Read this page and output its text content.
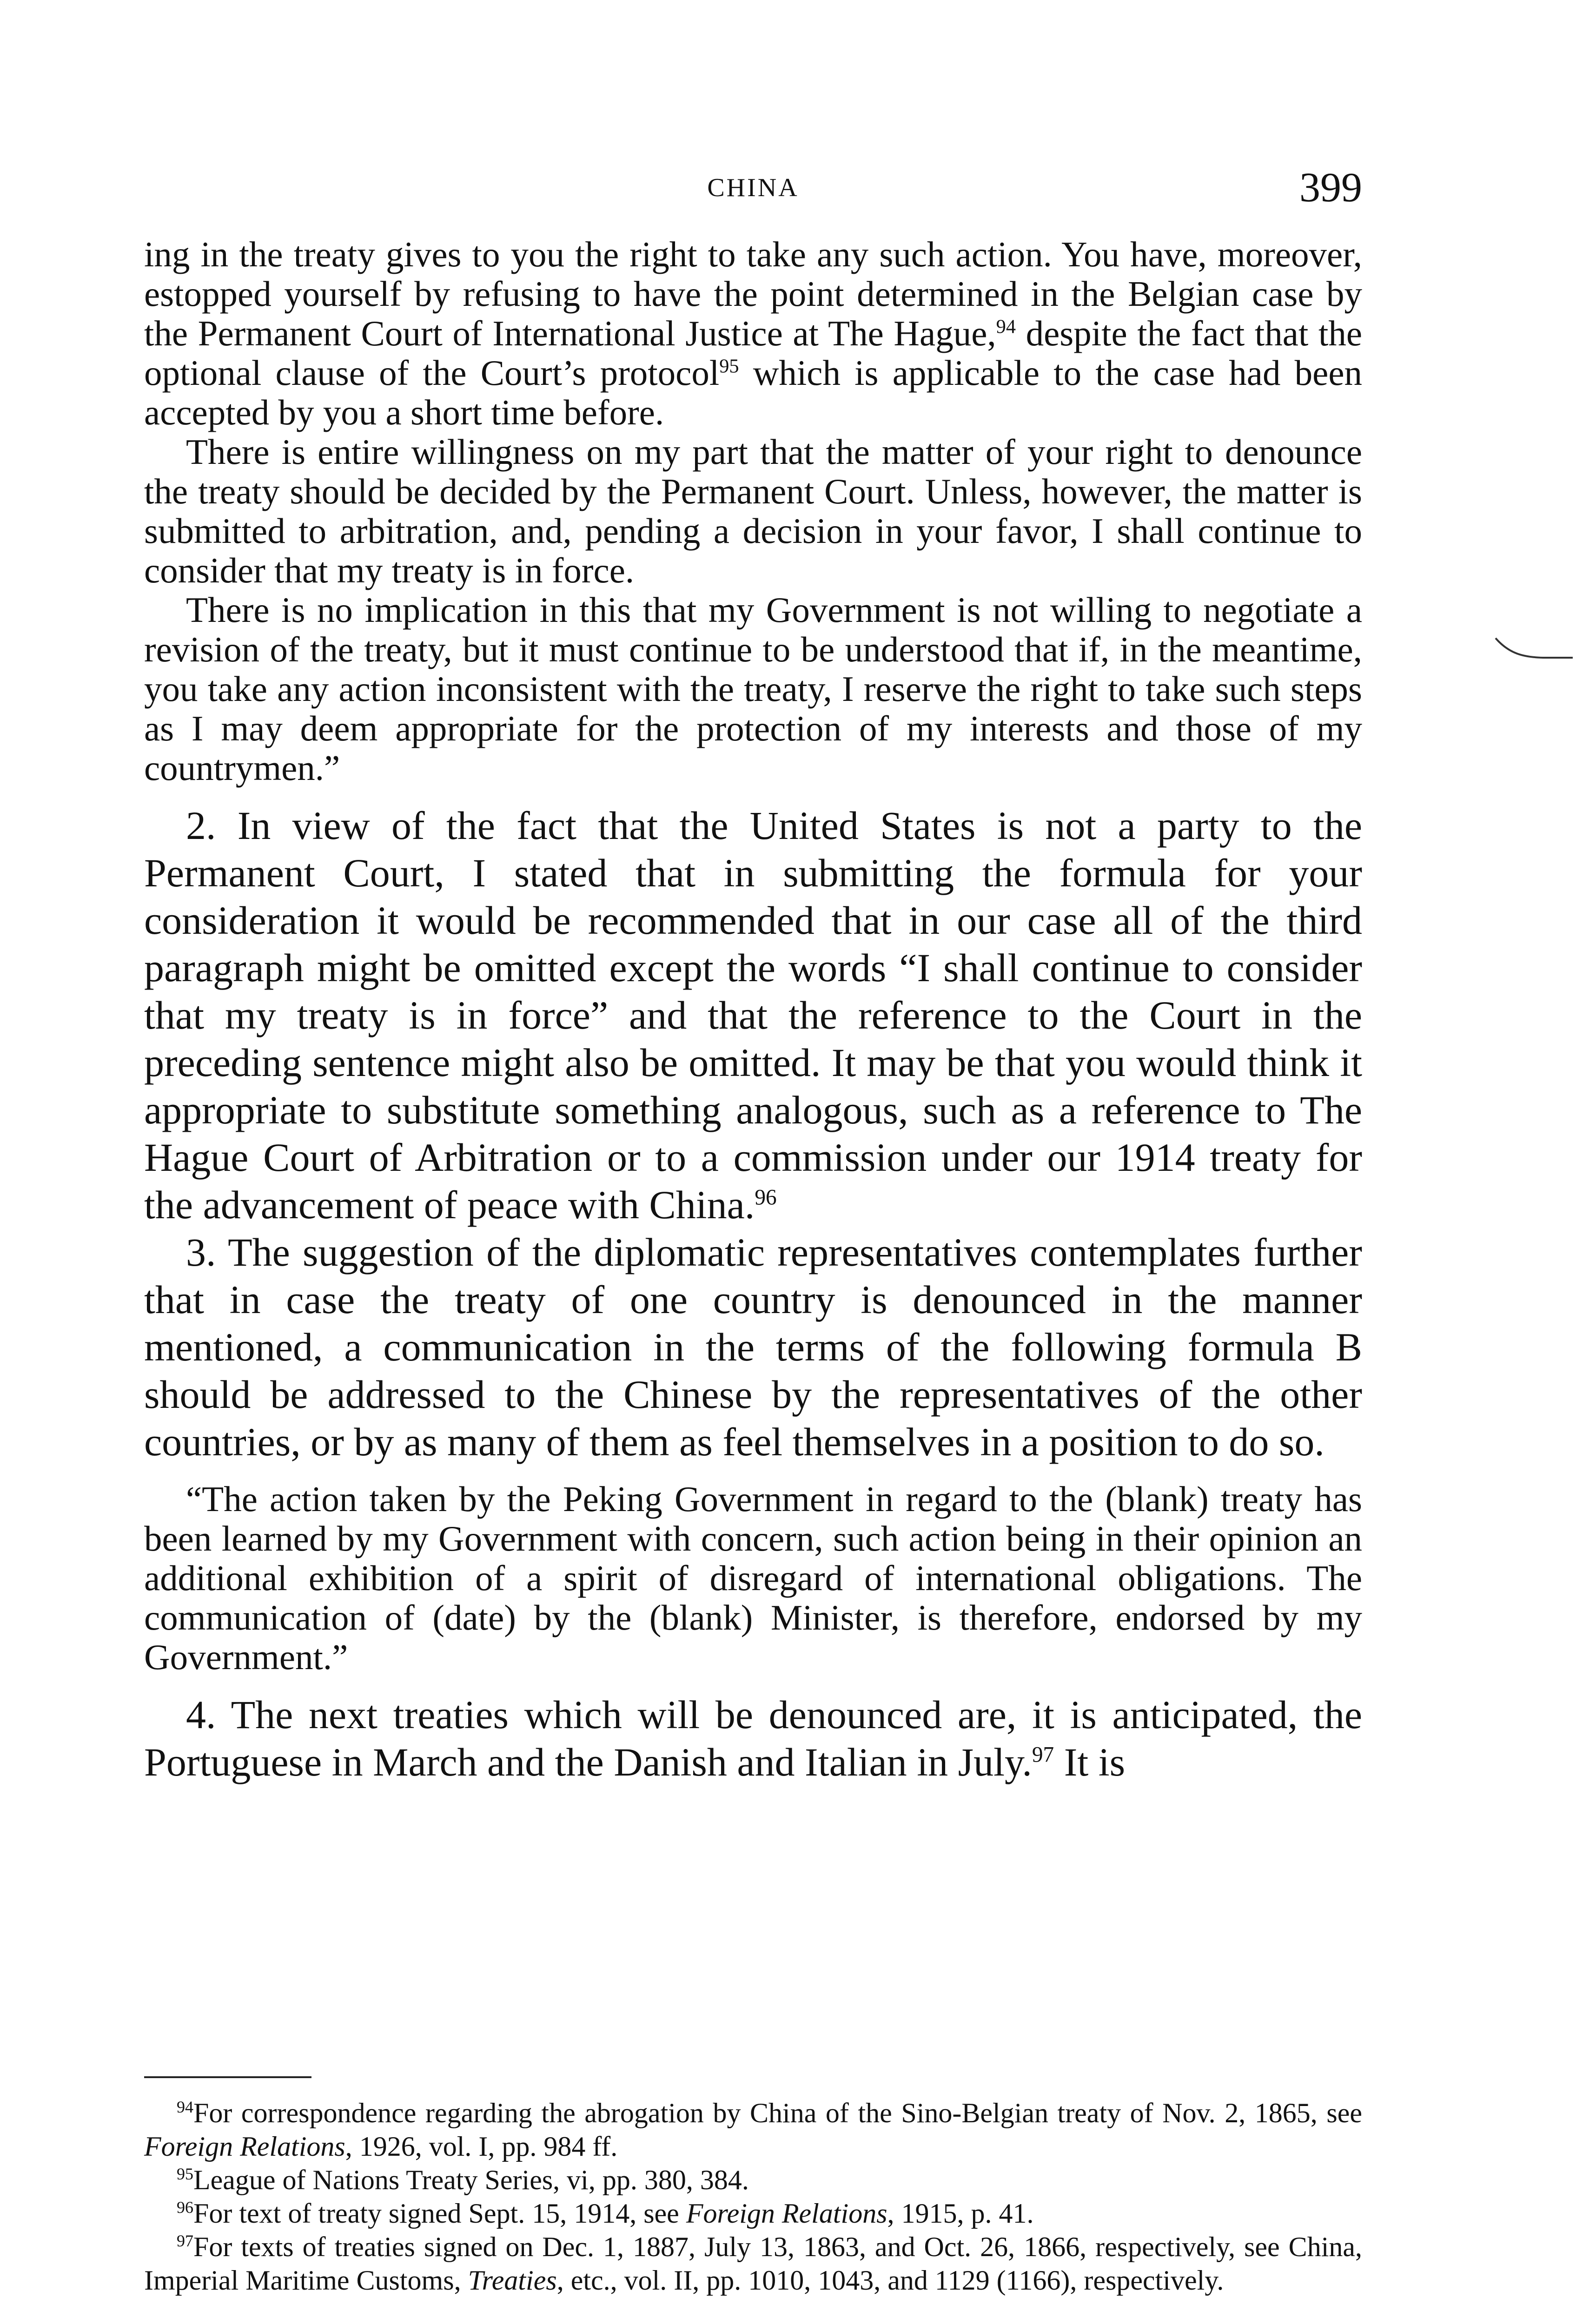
CHINA	399

ing in the treaty gives to you the right to take any such action. You have, moreover, estopped yourself by refusing to have the point determined in the Belgian case by the Permanent Court of International Justice at The Hague,$^{94}$ despite the fact that the optional clause of the Court’s protocol$^{95}$ which is applicable to the case had been accepted by you a short time before.

There is entire willingness on my part that the matter of your right to denounce the treaty should be decided by the Permanent Court. Unless, however, the matter is submitted to arbitration, and, pending a decision in your favor, I shall continue to consider that my treaty is in force.

There is no implication in this that my Government is not willing to negotiate a revision of the treaty, but it must continue to be understood that if, in the meantime, you take any action inconsistent with the treaty, I reserve the right to take such steps as I may deem appropriate for the protection of my interests and those of my countrymen.”

2. In view of the fact that the United States is not a party to the Permanent Court, I stated that in submitting the formula for your consideration it would be recommended that in our case all of the third paragraph might be omitted except the words “I shall continue to consider that my treaty is in force” and that the reference to the Court in the preceding sentence might also be omitted. It may be that you would think it appropriate to substitute something analogous, such as a reference to The Hague Court of Arbitration or to a commission under our 1914 treaty for the advancement of peace with China.$^{96}$

3. The suggestion of the diplomatic representatives contemplates further that in case the treaty of one country is denounced in the manner mentioned, a communication in the terms of the following formula B should be addressed to the Chinese by the representatives of the other countries, or by as many of them as feel themselves in a position to do so.

“The action taken by the Peking Government in regard to the (blank) treaty has been learned by my Government with concern, such action being in their opinion an additional exhibition of a spirit of disregard of international obligations. The communication of (date) by the (blank) Minister, is therefore, endorsed by my Government.”

4. The next treaties which will be denounced are, it is anticipated, the Portuguese in March and the Danish and Italian in July.$^{97}$ It is

$^{94}$For correspondence regarding the abrogation by China of the Sino-Belgian treaty of Nov. 2, 1865, see Foreign Relations, 1926, vol. I, pp. 984 ff.

$^{95}$League of Nations Treaty Series, vi, pp. 380, 384.

$^{96}$For text of treaty signed Sept. 15, 1914, see Foreign Relations, 1915, p. 41.

$^{97}$For texts of treaties signed on Dec. 1, 1887, July 13, 1863, and Oct. 26, 1866, respectively, see China, Imperial Maritime Customs, Treaties, etc., vol. II, pp. 1010, 1043, and 1129 (1166), respectively.
